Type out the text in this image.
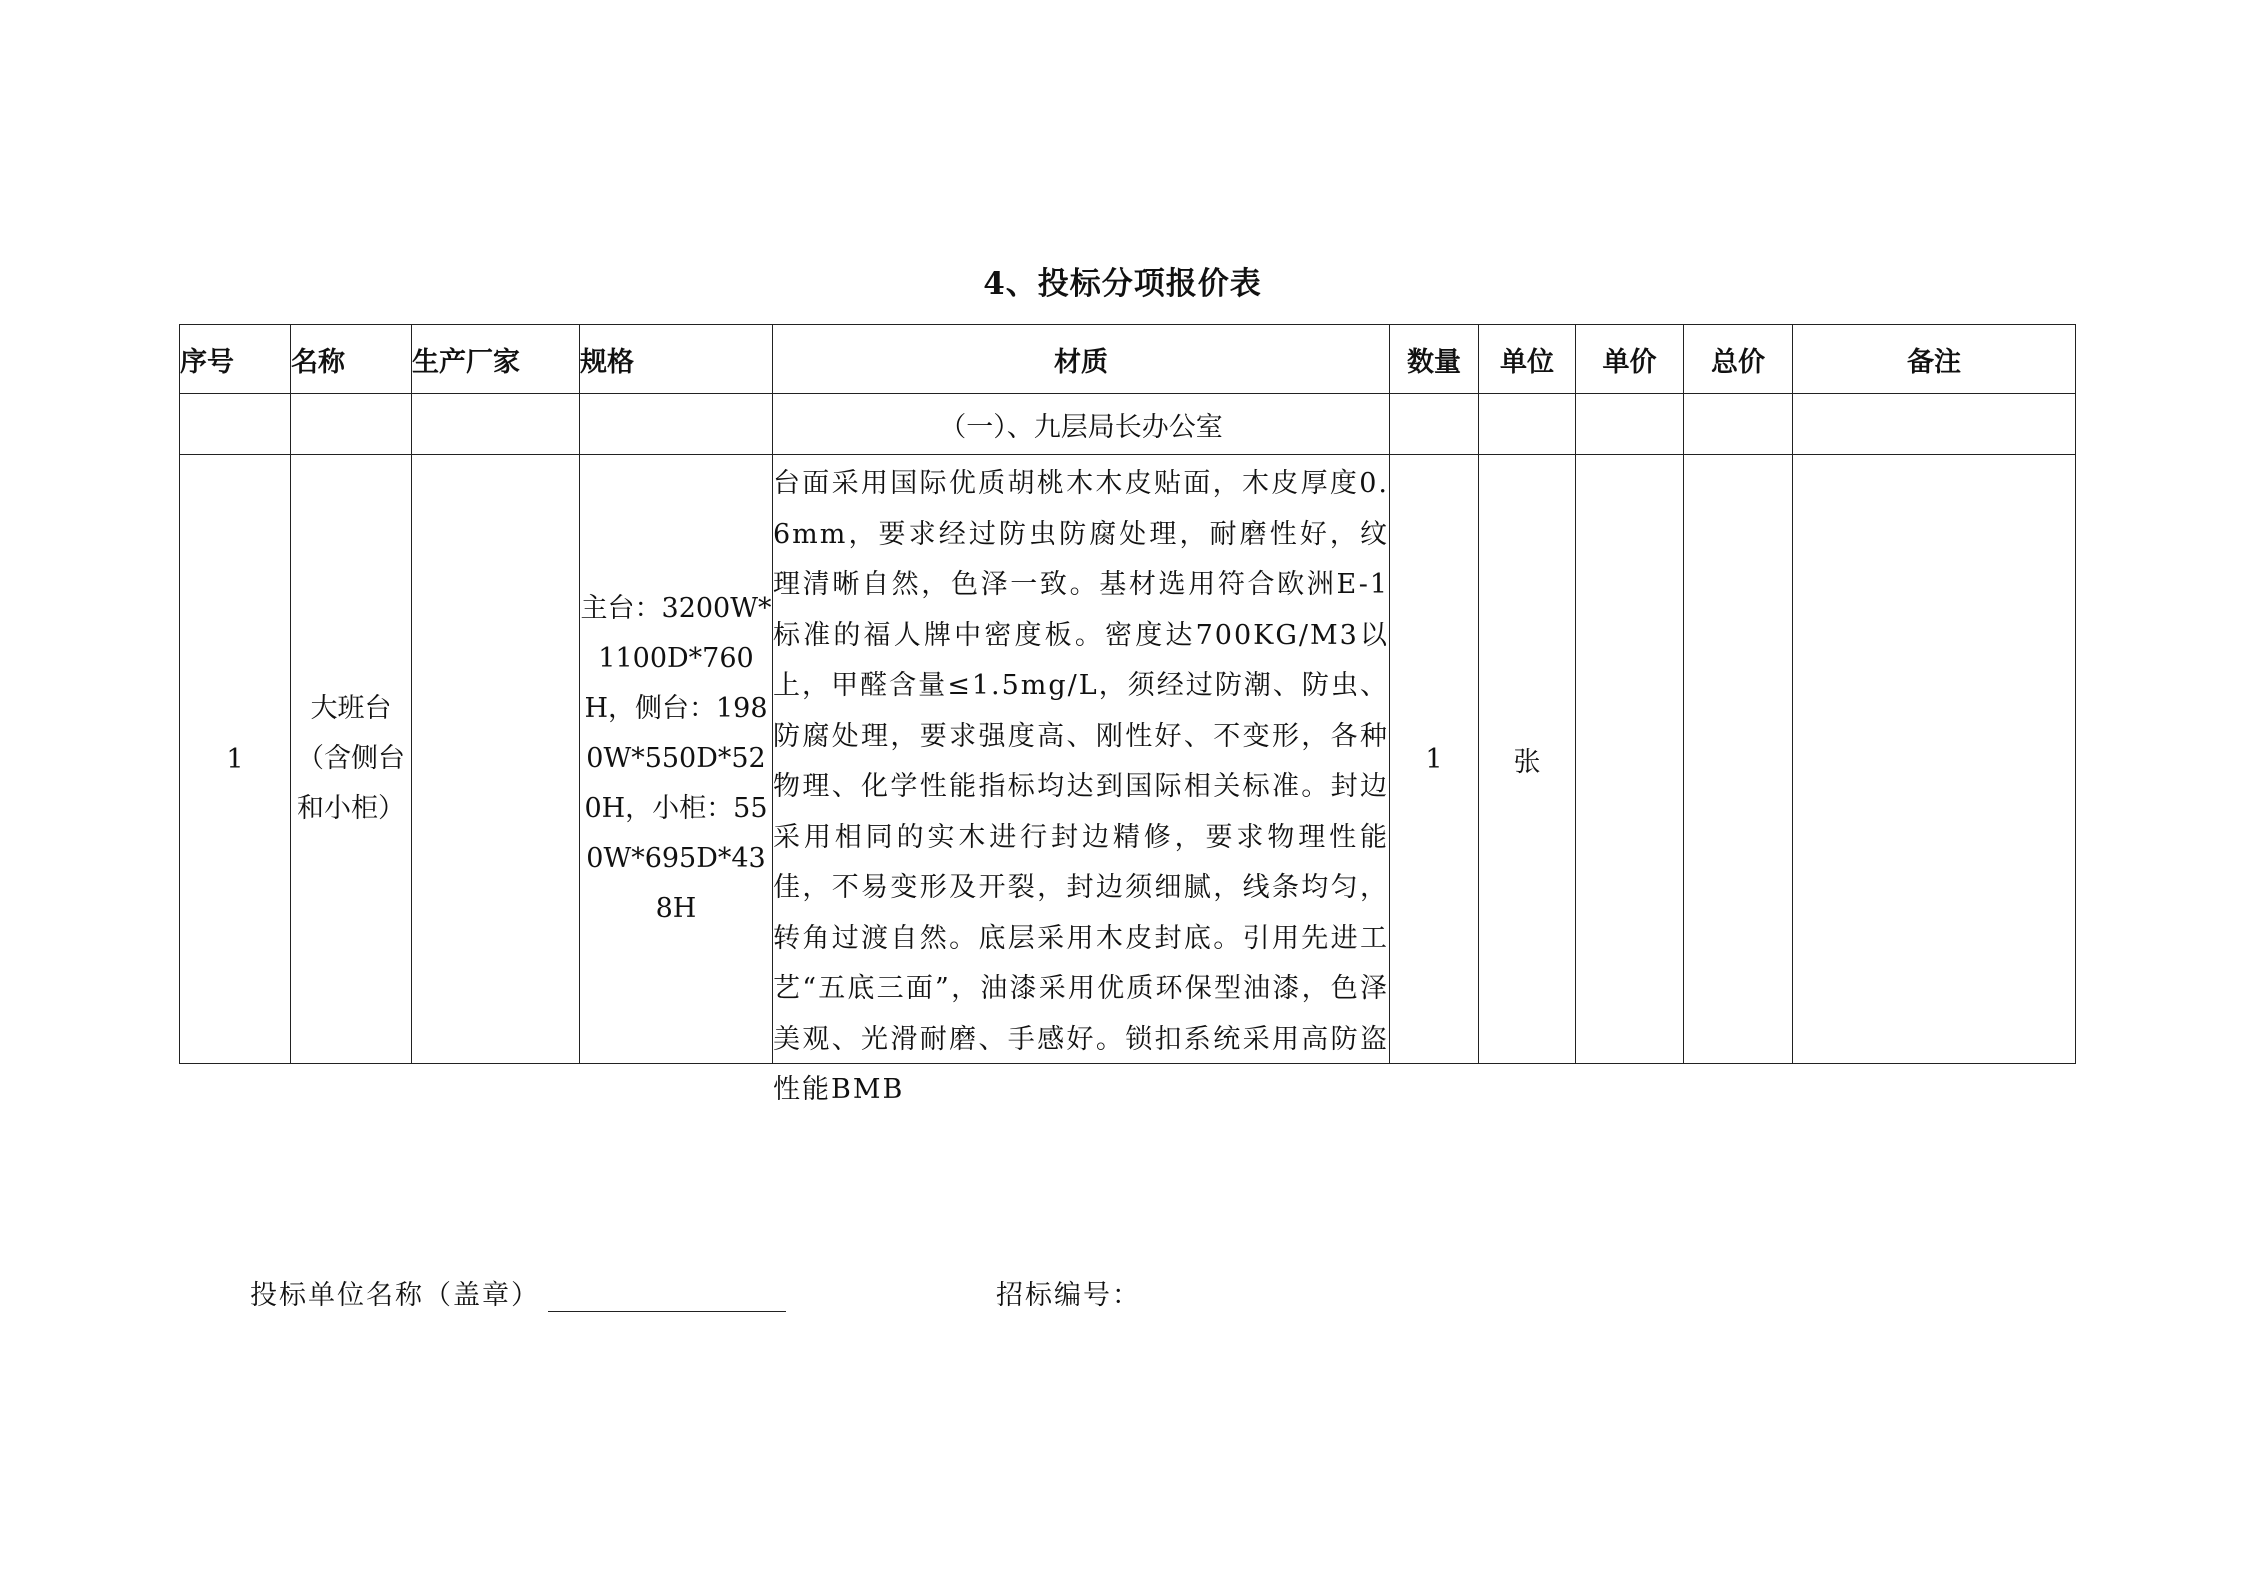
4、投标分项报价表
序号	名称	生产厂家	规格	材质	数量	单位	单价	总价	备注
				（一）、九层局长办公室					
1	大班台（含侧台和小柜）		主台：3200W*1100D*760H，侧台：1980W*550D*520H，小柜：550W*695D*438H	台面采用国际优质胡桃木木皮贴面，木皮厚度0.6mm，要求经过防虫防腐处理，耐磨性好，纹理清晰自然，色泽一致。基材选用符合欧洲E-1标准的福人牌中密度板。密度达700KG/M3以上，甲醛含量≤1.5mg/L，须经过防潮、防虫、防腐处理，要求强度高、刚性好、不变形，各种物理、化学性能指标均达到国际相关标准。封边采用相同的实木进行封边精修，要求物理性能佳，不易变形及开裂，封边须细腻，线条均匀，转角过渡自然。底层采用木皮封底。引用先进工艺“五底三面”，油漆采用优质环保型油漆，色泽美观、光滑耐磨、手感好。锁扣系统采用高防盗性能BMB	1	张			
投标单位名称（盖章）	招标编号：
